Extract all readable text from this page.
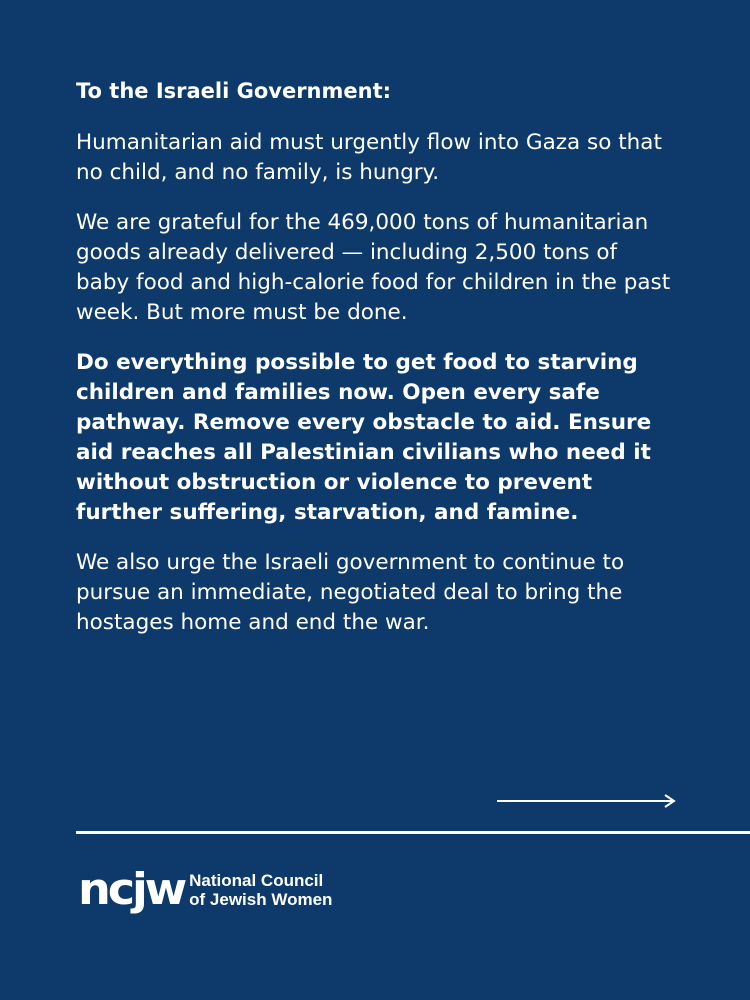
To the Israeli Government:

Humanitarian aid must urgently flow into Gaza so that no child, and no family, is hungry.

We are grateful for the 469,000 tons of humanitarian goods already delivered — including 2,500 tons of baby food and high-calorie food for children in the past week. But more must be done.

Do everything possible to get food to starving children and families now. Open every safe pathway. Remove every obstacle to aid. Ensure aid reaches all Palestinian civilians who need it without obstruction or violence to prevent further suffering, starvation, and famine.

We also urge the Israeli government to continue to pursue an immediate, negotiated deal to bring the hostages home and end the war.

ncjw National Council
of Jewish Women
